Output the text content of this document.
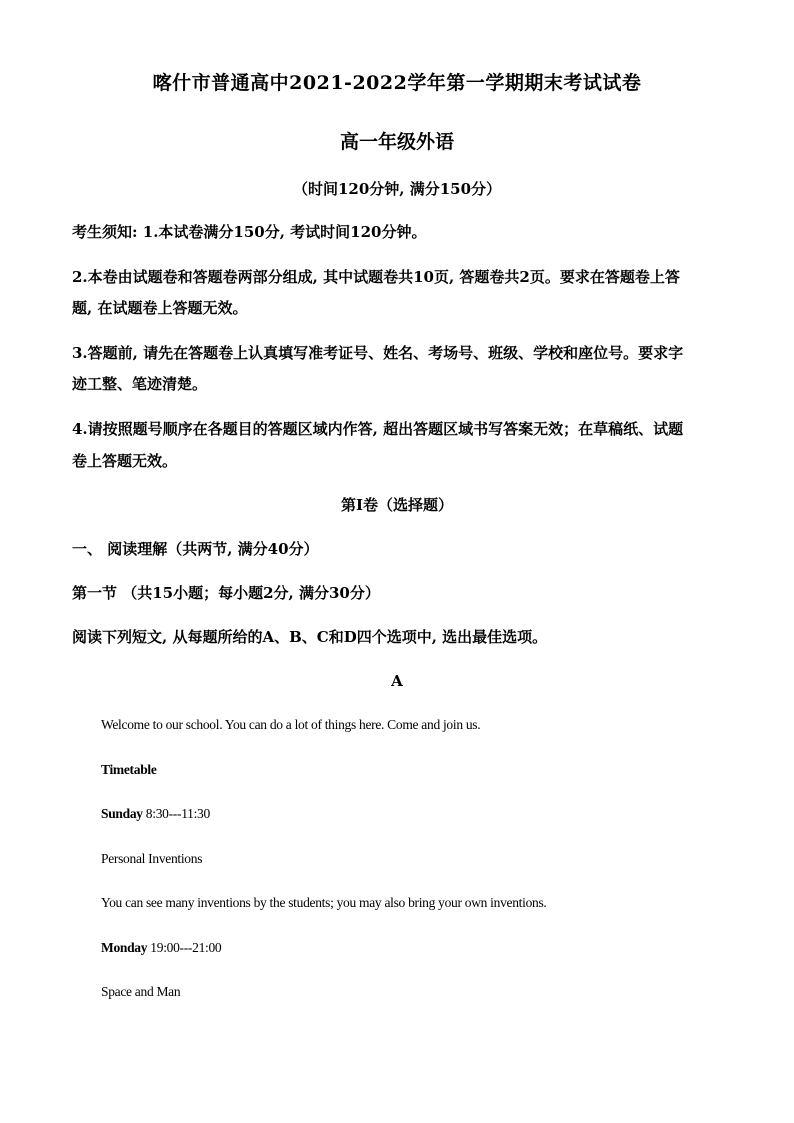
喀什市普通高中2021-2022学年第一学期期末考试试卷
高一年级外语
（时间120分钟, 满分150分）
考生须知: 1.本试卷满分150分, 考试时间120分钟。
2.本卷由试题卷和答题卷两部分组成, 其中试题卷共10页, 答题卷共2页。要求在答题卷上答
题, 在试题卷上答题无效。
3.答题前, 请先在答题卷上认真填写准考证号、姓名、考场号、班级、学校和座位号。要求字
迹工整、笔迹清楚。
4.请按照题号顺序在各题目的答题区域内作答, 超出答题区域书写答案无效；在草稿纸、试题
卷上答题无效。
第Ⅰ卷（选择题）
一、 阅读理解（共两节, 满分40分）
第一节 （共15小题；每小题2分, 满分30分）
阅读下列短文, 从每题所给的A、B、C和D四个选项中, 选出最佳选项。
A
Welcome to our school. You can do a lot of things here. Come and join us.
Timetable
Sunday 8:30---11:30
Personal Inventions
You can see many inventions by the students; you may also bring your own inventions.
Monday 19:00---21:00
Space and Man
